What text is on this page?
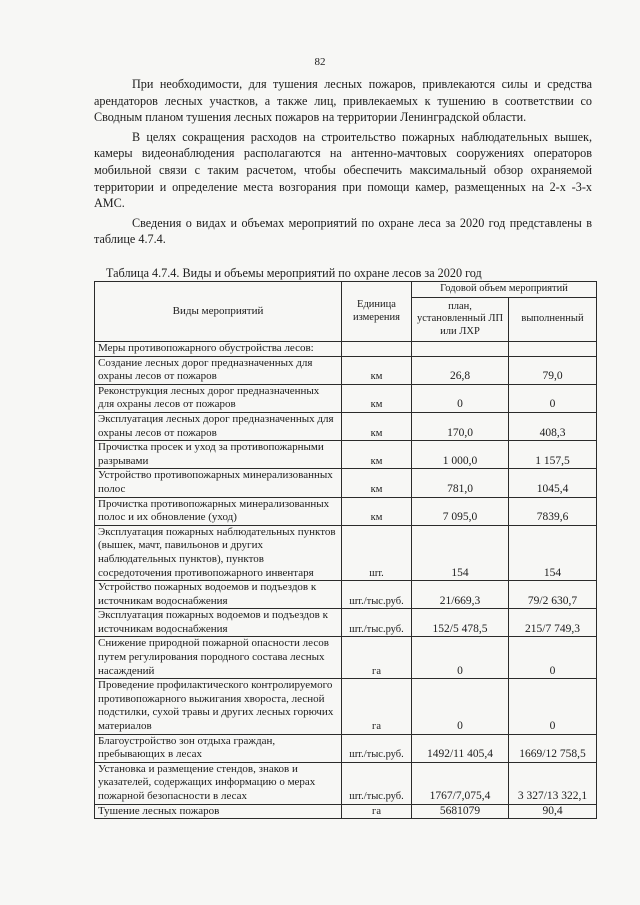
82

При необходимости, для тушения лесных пожаров, привлекаются силы и средства арендаторов лесных участков, а также лиц, привлекаемых к тушению в соответствии со Сводным планом тушения лесных пожаров на территории Ленинградской области.

В целях сокращения расходов на строительство пожарных наблюдательных вышек, камеры видеонаблюдения располагаются на антенно-мачтовых сооружениях операторов мобильной связи с таким расчетом, чтобы обеспечить максимальный обзор охраняемой территории и определение места возгорания при помощи камер, размещенных на 2-х -3-х АМС.

Сведения о видах и объемах мероприятий по охране леса за 2020 год представлены в таблице 4.7.4.

Таблица 4.7.4. Виды и объемы мероприятий по охране лесов за 2020 год
Виды мероприятий	Единица измерения	Годовой объем мероприятий	
		план, установленный ЛП или ЛХР	выполненный
Меры противопожарного обустройства лесов:			
Создание лесных дорог предназначенных для охраны лесов от пожаров	км	26,8	79,0
Реконструкция лесных дорог предназначенных для охраны лесов от пожаров	км	0	0
Эксплуатация лесных дорог предназначенных для охраны лесов от пожаров	км	170,0	408,3
Прочистка просек и уход за противопожарными разрывами	км	1 000,0	1 157,5
Устройство противопожарных минерализованных полос	км	781,0	1045,4
Прочистка противопожарных минерализованных полос и их обновление (уход)	км	7 095,0	7839,6
Эксплуатация пожарных наблюдательных пунктов (вышек, мачт, павильонов и других наблюдательных пунктов), пунктов сосредоточения противопожарного инвентаря	шт.	154	154
Устройство пожарных водоемов и подъездов к источникам водоснабжения	шт./тыс.руб.	21/669,3	79/2 630,7
Эксплуатация пожарных водоемов и подъездов к источникам водоснабжения	шт./тыс.руб.	152/5 478,5	215/7 749,3
Снижение природной пожарной опасности лесов путем регулирования породного состава лесных насаждений	га	0	0
Проведение профилактического контролируемого противопожарного выжигания хвороста, лесной подстилки, сухой травы и других лесных горючих материалов	га	0	0
Благоустройство зон отдыха граждан, пребывающих в лесах	шт./тыс.руб.	1492/11 405,4	1669/12 758,5
Установка и размещение стендов, знаков и указателей, содержащих информацию о мерах пожарной безопасности в лесах	шт./тыс.руб.	1767/7,075,4	3 327/13 322,1
Тушение лесных пожаров	га	5681079	90,4
